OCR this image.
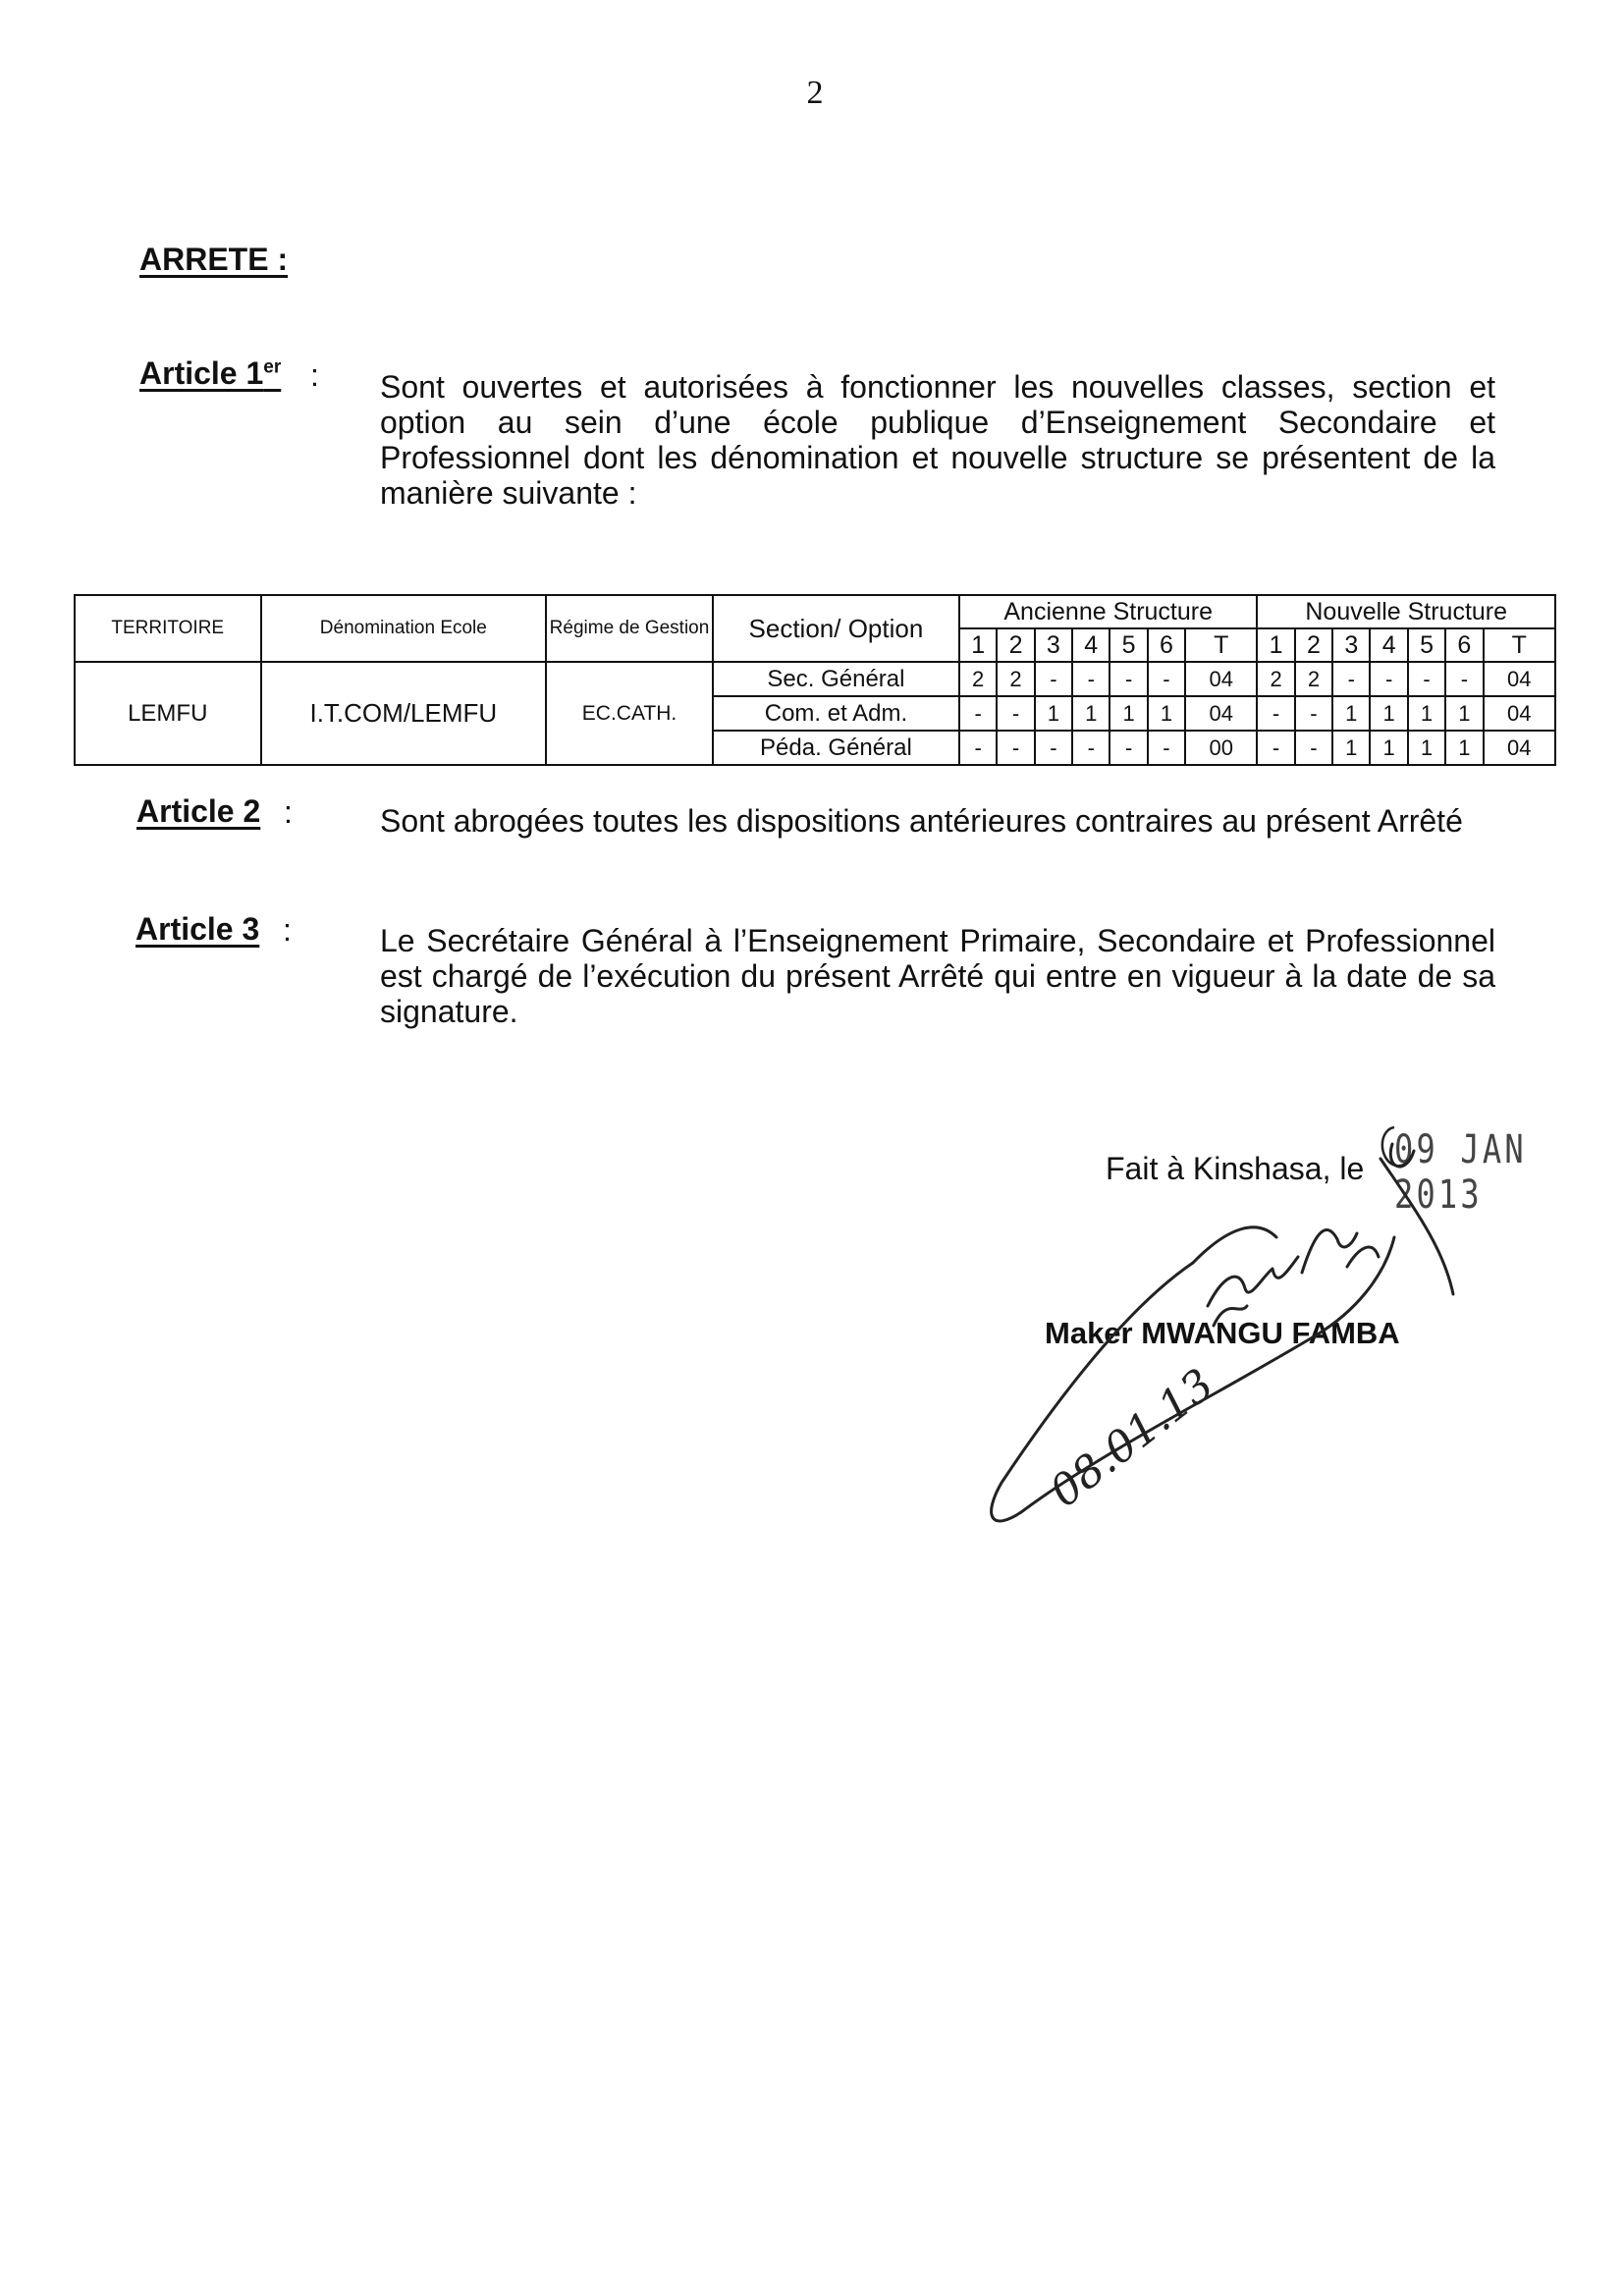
2
ARRETE :
Article 1er : Sont ouvertes et autorisées à fonctionner les nouvelles classes, section et option au sein d’une école publique d’Enseignement Secondaire et Professionnel dont les dénomination et nouvelle structure se présentent de la manière suivante :
TERRITOIRE	Dénomination Ecole	Régime de Gestion	Section/ Option	Ancienne Structure							Nouvelle Structure						
				1	2	3	4	5	6	T	1	2	3	4	5	6	T
LEMFU	I.T.COM/LEMFU	EC.CATH.	Sec. Général	2	2	-	-	-	-	04	2	2	-	-	-	-	04
			Com. et Adm.	-	-	1	1	1	1	04	-	-	1	1	1	1	04
			Péda. Général	-	-	-	-	-	-	00	-	-	1	1	1	1	04
Article 2 :	Sont abrogées toutes les dispositions antérieures contraires au présent Arrêté
Article 3 :	Le Secrétaire Général à l’Enseignement Primaire, Secondaire et Professionnel est chargé de l’exécution du présent Arrêté qui entre en vigueur à la date de sa signature.
Fait à Kinshasa, le 09 JAN 2013
Maker MWANGU FAMBA
08.01.13
